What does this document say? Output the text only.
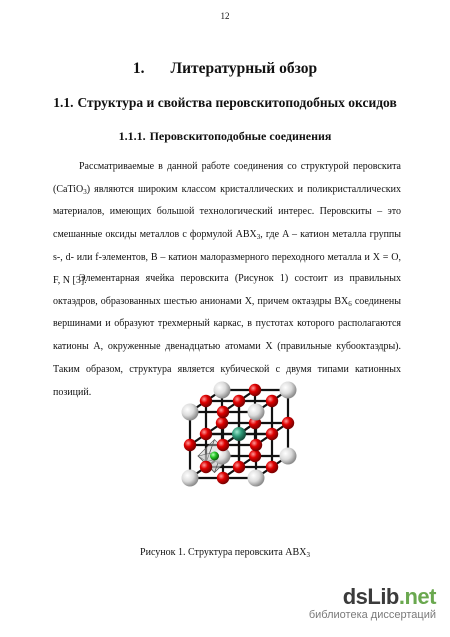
12
1. Литературный обзор
1.1. Структура и свойства перовскитоподобных оксидов
1.1.1. Перовскитоподобные соединения

Рассматриваемые в данной работе соединения со структурой перовскита (CaTiO$_3$) являются широким классом кристаллических и поликристаллических материалов, имеющих большой технологический интерес. Перовскиты – это смешанные оксиды металлов с формулой $ABX_3$, где A – катион металла группы s-, d- или f-элементов, B – катион малоразмерного переходного металла и X = O, F, N [3].

Элементарная ячейка перовскита (Рисунок 1) состоит из правильных октаэдров, образованных шестью анионами X, причем октаэдры $BX_6$ соединены вершинами и образуют трехмерный каркас, в пустотах которого располагаются катионы A, окруженные двенадцатью атомами X (правильные кубооктаэдры). Таким образом, структура является кубической с двумя типами катионных позиций.

Рисунок 1. Структура перовскита $ABX_3$
dsLib.net
библиотека диссертаций
